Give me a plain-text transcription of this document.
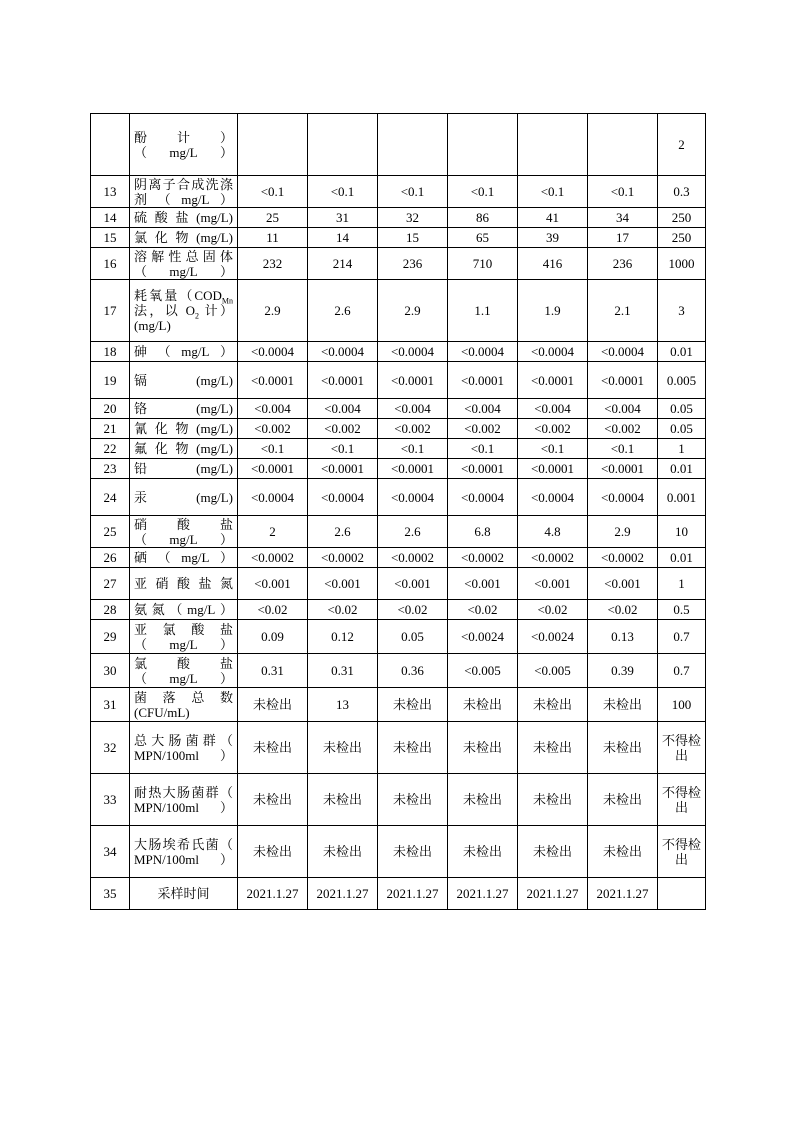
	酚　　计　　）
（mg/L）							2
13	阴离子合成洗涤剂（mg/L）	<0.1	<0.1	<0.1	<0.1	<0.1	<0.1	0.3
14	硫酸盐(mg/L)	25	31	32	86	41	34	250
15	氯化物(mg/L)	11	14	15	65	39	17	250
16	溶解性总固体（mg/L）	232	214	236	710	416	236	1000
17	耗氧量（$COD_{Mn}$法，以 $O_2$ 计）(mg/L)	2.9	2.6	2.9	1.1	1.9	2.1	3
18	砷（mg/L）	<0.0004	<0.0004	<0.0004	<0.0004	<0.0004	<0.0004	0.01
19	镉(mg/L)	<0.0001	<0.0001	<0.0001	<0.0001	<0.0001	<0.0001	0.005
20	铬(mg/L)	<0.004	<0.004	<0.004	<0.004	<0.004	<0.004	0.05
21	氰化物(mg/L)	<0.002	<0.002	<0.002	<0.002	<0.002	<0.002	0.05
22	氟化物(mg/L)	<0.1	<0.1	<0.1	<0.1	<0.1	<0.1	1
23	铅(mg/L)	<0.0001	<0.0001	<0.0001	<0.0001	<0.0001	<0.0001	0.01
24	汞(mg/L)	<0.0004	<0.0004	<0.0004	<0.0004	<0.0004	<0.0004	0.001
25	硝　　酸　　盐
（mg/L）	2	2.6	2.6	6.8	4.8	2.9	10
26	硒（mg/L）	<0.0002	<0.0002	<0.0002	<0.0002	<0.0002	<0.0002	0.01
27	亚硝酸盐氮	<0.001	<0.001	<0.001	<0.001	<0.001	<0.001	1
28	氨氮（mg/L）	<0.02	<0.02	<0.02	<0.02	<0.02	<0.02	0.5
29	亚　氯　酸　盐
（mg/L）	0.09	0.12	0.05	<0.0024	<0.0024	0.13	0.7
30	氯　　酸　　盐
（mg/L）	0.31	0.31	0.36	<0.005	<0.005	0.39	0.7
31	菌　落　总　数
(CFU/mL)	未检出	13	未检出	未检出	未检出	未检出	100
32	总大肠菌群（ MPN/100ml）	未检出	未检出	未检出	未检出	未检出	未检出	不得检出
33	耐热大肠菌群（ MPN/100ml）	未检出	未检出	未检出	未检出	未检出	未检出	不得检出
34	大肠埃希氏菌（ MPN/100ml）	未检出	未检出	未检出	未检出	未检出	未检出	不得检出
35	采样时间	2021.1.27	2021.1.27	2021.1.27	2021.1.27	2021.1.27	2021.1.27	
